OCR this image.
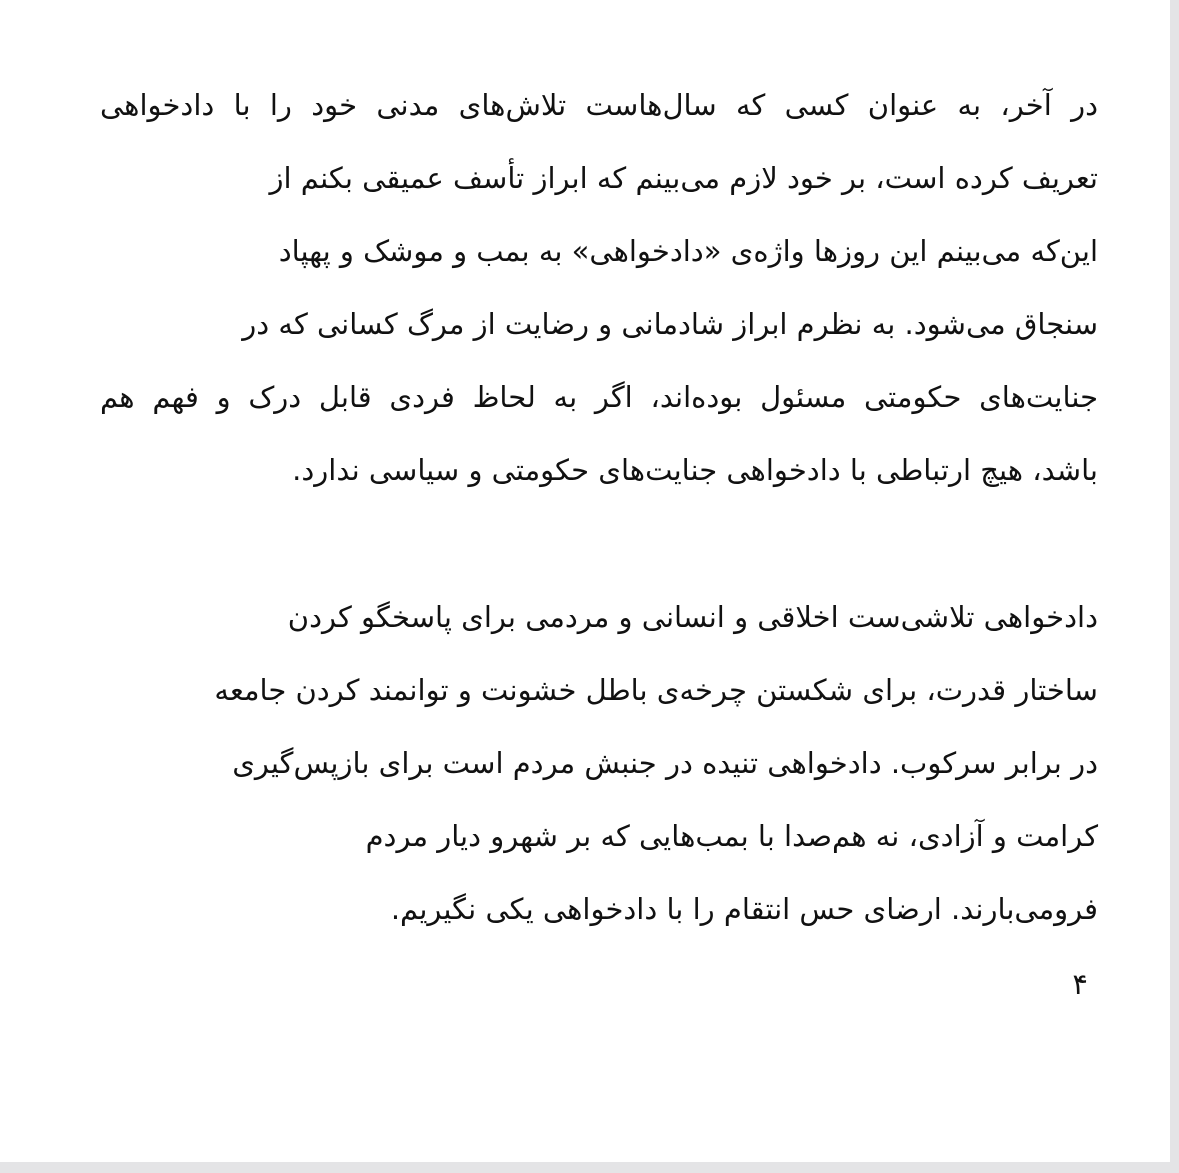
در آخر، به عنوان کسی که سال‌هاست تلاش‌های مدنی خود را با دادخواهی
تعریف کرده است، بر خود لازم می‌بینم که ابراز تأسف عمیقی بکنم از
این‌که می‌بینم این روزها واژه‌ی «دادخواهی» به بمب و موشک و پهپاد
سنجاق می‌شود. به نظرم ابراز شادمانی و رضایت از مرگ کسانی که در
جنایت‌های حکومتی مسئول بوده‌اند، اگر به لحاظ فردی قابل درک و فهم هم
باشد، هیچ ارتباطی با دادخواهی جنایت‌های حکومتی و سیاسی ندارد.
دادخواهی تلاشی‌ست اخلاقی و انسانی و مردمی برای پاسخگو کردن
ساختار قدرت، برای شکستن چرخه‌ی باطل خشونت و توانمند کردن جامعه
در برابر سرکوب. دادخواهی تنیده در جنبش مردم است برای بازپس‌گیری
کرامت و آزادی، نه هم‌صدا با بمب‌هایی که بر شهرو دیار مردم
فرومی‌بارند. ارضای حس انتقام را با دادخواهی یکی نگیریم.
۴
